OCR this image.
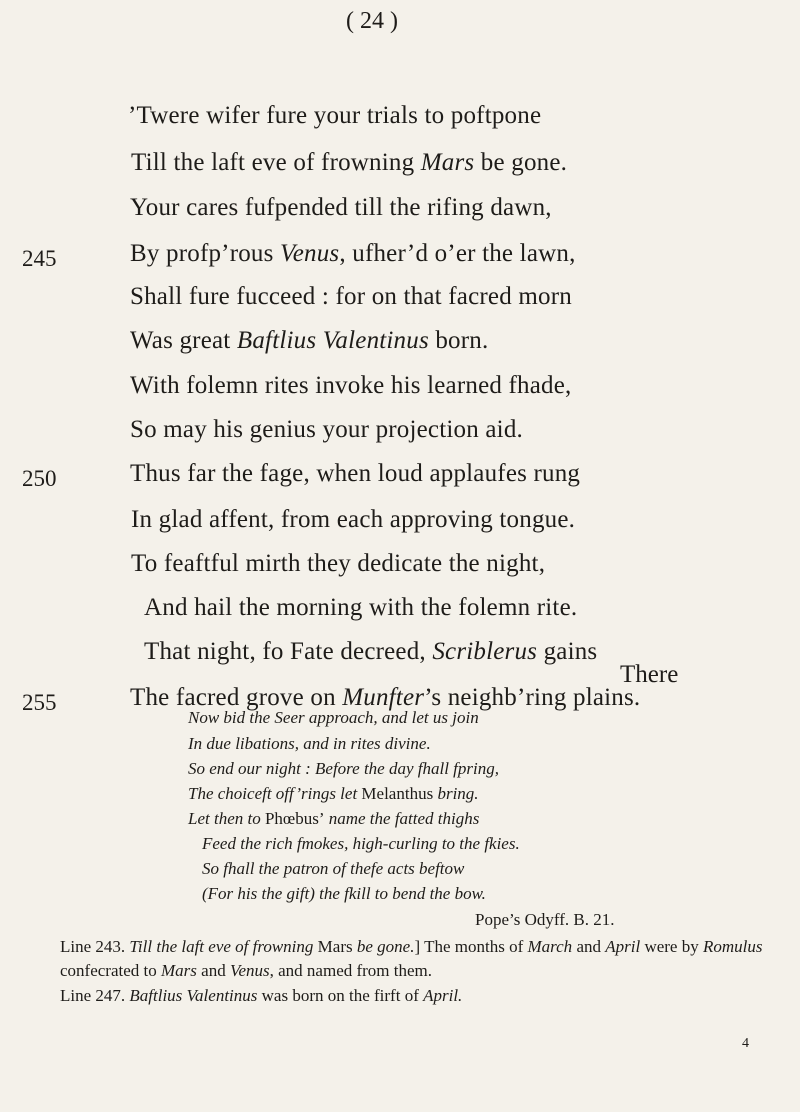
( 24 )
’Twere wifer fure your trials to poftpone
Till the laft eve of frowning Mars be gone.
Your cares fufpended till the rifing dawn,
245	By profp’rous Venus, ufher’d o’er the lawn,
Shall fure fucceed : for on that facred morn
Was great Baftlius Valentinus born.
With folemn rites invoke his learned fhade,
So may his genius your projection aid.
250	Thus far the fage, when loud applaufes rung
In glad affent, from each approving tongue.
To feaftful mirth they dedicate the night,
And hail the morning with the folemn rite.
That night, fo Fate decreed, Scriblerus gains
255	The facred grove on Munfter’s neighb’ring plains.
There
Now bid the Seer approach, and let us join
In due libations, and in rites divine.
So end our night : Before the day fhall fpring,
The choiceft off’rings let Melanthus bring.
Let then to Phœbus’ name the fatted thighs
Feed the rich fmokes, high-curling to the fkies.
So fhall the patron of thefe acts beftow
(For his the gift) the fkill to bend the bow.
Pope’s Odyff. B. 21.
Line 243. Till the laft eve of frowning Mars be gone.] The months of March and April were by Romulus confecrated to Mars and Venus, and named from them.
Line 247. Baftlius Valentinus was born on the firft of April.
4
